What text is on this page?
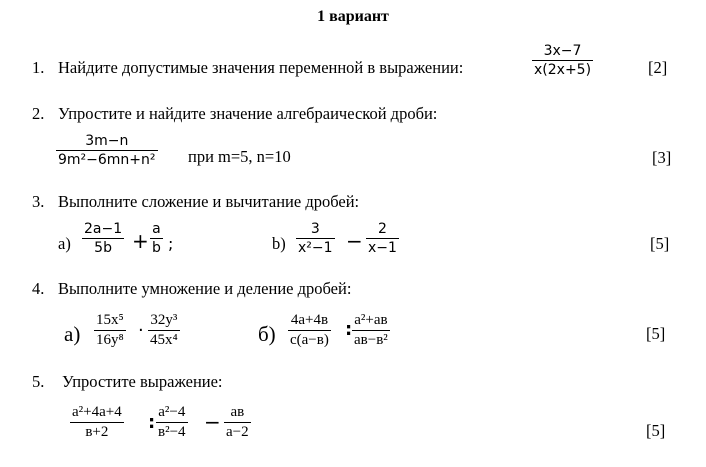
1 вариант
1. Найдите допустимые значения переменной в выражении:
3x−7
x(2x+5)	[2]
2. Упростите и найдите значение алгебраической дроби:
3m−n
9m²−6mn+n² при m=5, n=10	[3]
3. Выполните сложение и вычитание дробей:
a)
2a−1
5b + a
b ;	b)
3
x²−1 − 2
x−1	[5]
4. Выполните умножение и деление дробей:
а)
15x⁵
16y⁸ · 32y³
45x⁴	б)
4а+4в
с(а−в) : а²+ав
ав−в²	[5]
5. Упростите выражение:
а²+4а+4
в+2 : а²−4
в²−4 − ав
а−2	[5]
